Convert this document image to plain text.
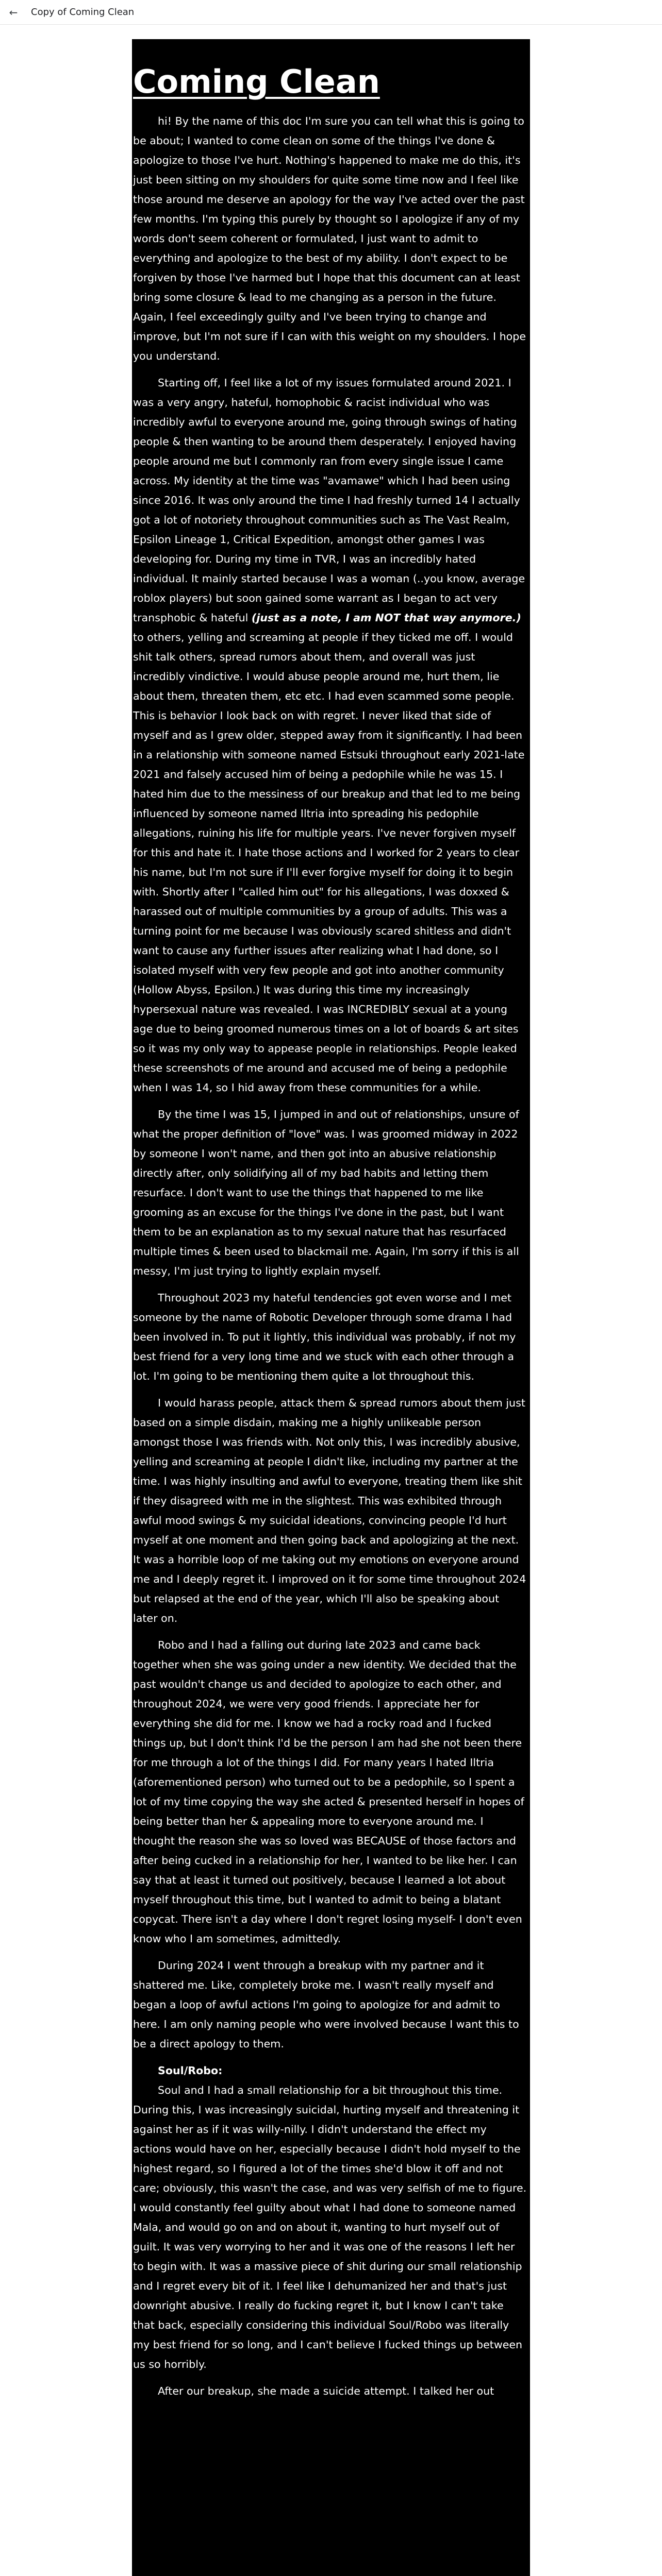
←	Copy of Coming Clean
Coming Clean

hi! By the name of this doc I'm sure you can tell what this is going to be about; I wanted to come clean on some of the things I've done & apologize to those I've hurt. Nothing's happened to make me do this, it's just been sitting on my shoulders for quite some time now and I feel like those around me deserve an apology for the way I've acted over the past few months. I'm typing this purely by thought so I apologize if any of my words don't seem coherent or formulated, I just want to admit to everything and apologize to the best of my ability. I don't expect to be forgiven by those I've harmed but I hope that this document can at least bring some closure & lead to me changing as a person in the future. Again, I feel exceedingly guilty and I've been trying to change and improve, but I'm not sure if I can with this weight on my shoulders. I hope you understand.

Starting off, I feel like a lot of my issues formulated around 2021. I was a very angry, hateful, homophobic & racist individual who was incredibly awful to everyone around me, going through swings of hating people & then wanting to be around them desperately. I enjoyed having people around me but I commonly ran from every single issue I came across. My identity at the time was "avamawe" which I had been using since 2016. It was only around the time I had freshly turned 14 I actually got a lot of notoriety throughout communities such as The Vast Realm, Epsilon Lineage 1, Critical Expedition, amongst other games I was developing for. During my time in TVR, I was an incredibly hated individual. It mainly started because I was a woman (..you know, average roblox players) but soon gained some warrant as I began to act very transphobic & hateful (just as a note, I am NOT that way anymore.) to others, yelling and screaming at people if they ticked me off. I would shit talk others, spread rumors about them, and overall was just incredibly vindictive. I would abuse people around me, hurt them, lie about them, threaten them, etc etc. I had even scammed some people. This is behavior I look back on with regret. I never liked that side of myself and as I grew older, stepped away from it significantly. I had been in a relationship with someone named Estsuki throughout early 2021-late 2021 and falsely accused him of being a pedophile while he was 15. I hated him due to the messiness of our breakup and that led to me being influenced by someone named Iltria into spreading his pedophile allegations, ruining his life for multiple years. I've never forgiven myself for this and hate it. I hate those actions and I worked for 2 years to clear his name, but I'm not sure if I'll ever forgive myself for doing it to begin with. Shortly after I "called him out" for his allegations, I was doxxed & harassed out of multiple communities by a group of adults. This was a turning point for me because I was obviously scared shitless and didn't want to cause any further issues after realizing what I had done, so I isolated myself with very few people and got into another community (Hollow Abyss, Epsilon.) It was during this time my increasingly hypersexual nature was revealed. I was INCREDIBLY sexual at a young age due to being groomed numerous times on a lot of boards & art sites so it was my only way to appease people in relationships. People leaked these screenshots of me around and accused me of being a pedophile when I was 14, so I hid away from these communities for a while.

By the time I was 15, I jumped in and out of relationships, unsure of what the proper definition of "love" was. I was groomed midway in 2022 by someone I won't name, and then got into an abusive relationship directly after, only solidifying all of my bad habits and letting them resurface. I don't want to use the things that happened to me like grooming as an excuse for the things I've done in the past, but I want them to be an explanation as to my sexual nature that has resurfaced multiple times & been used to blackmail me. Again, I'm sorry if this is all messy, I'm just trying to lightly explain myself.

Throughout 2023 my hateful tendencies got even worse and I met someone by the name of Robotic Developer through some drama I had been involved in. To put it lightly, this individual was probably, if not my best friend for a very long time and we stuck with each other through a lot. I'm going to be mentioning them quite a lot throughout this.

I would harass people, attack them & spread rumors about them just based on a simple disdain, making me a highly unlikeable person amongst those I was friends with. Not only this, I was incredibly abusive, yelling and screaming at people I didn't like, including my partner at the time. I was highly insulting and awful to everyone, treating them like shit if they disagreed with me in the slightest. This was exhibited through awful mood swings & my suicidal ideations, convincing people I'd hurt myself at one moment and then going back and apologizing at the next. It was a horrible loop of me taking out my emotions on everyone around me and I deeply regret it. I improved on it for some time throughout 2024 but relapsed at the end of the year, which I'll also be speaking about later on.

Robo and I had a falling out during late 2023 and came back together when she was going under a new identity. We decided that the past wouldn't change us and decided to apologize to each other, and throughout 2024, we were very good friends. I appreciate her for everything she did for me. I know we had a rocky road and I fucked things up, but I don't think I'd be the person I am had she not been there for me through a lot of the things I did. For many years I hated Iltria (aforementioned person) who turned out to be a pedophile, so I spent a lot of my time copying the way she acted & presented herself in hopes of being better than her & appealing more to everyone around me. I thought the reason she was so loved was BECAUSE of those factors and after being cucked in a relationship for her, I wanted to be like her. I can say that at least it turned out positively, because I learned a lot about myself throughout this time, but I wanted to admit to being a blatant copycat. There isn't a day where I don't regret losing myself- I don't even know who I am sometimes, admittedly.

During 2024 I went through a breakup with my partner and it shattered me. Like, completely broke me. I wasn't really myself and began a loop of awful actions I'm going to apologize for and admit to here. I am only naming people who were involved because I want this to be a direct apology to them.

Soul/Robo:

Soul and I had a small relationship for a bit throughout this time. During this, I was increasingly suicidal, hurting myself and threatening it against her as if it was willy-nilly. I didn't understand the effect my actions would have on her, especially because I didn't hold myself to the highest regard, so I figured a lot of the times she'd blow it off and not care; obviously, this wasn't the case, and was very selfish of me to figure. I would constantly feel guilty about what I had done to someone named Mala, and would go on and on about it, wanting to hurt myself out of guilt. It was very worrying to her and it was one of the reasons I left her to begin with. It was a massive piece of shit during our small relationship and I regret every bit of it. I feel like I dehumanized her and that's just downright abusive. I really do fucking regret it, but I know I can't take that back, especially considering this individual Soul/Robo was literally my best friend for so long, and I can't believe I fucked things up between us so horribly.

After our breakup, she made a suicide attempt. I talked her out
